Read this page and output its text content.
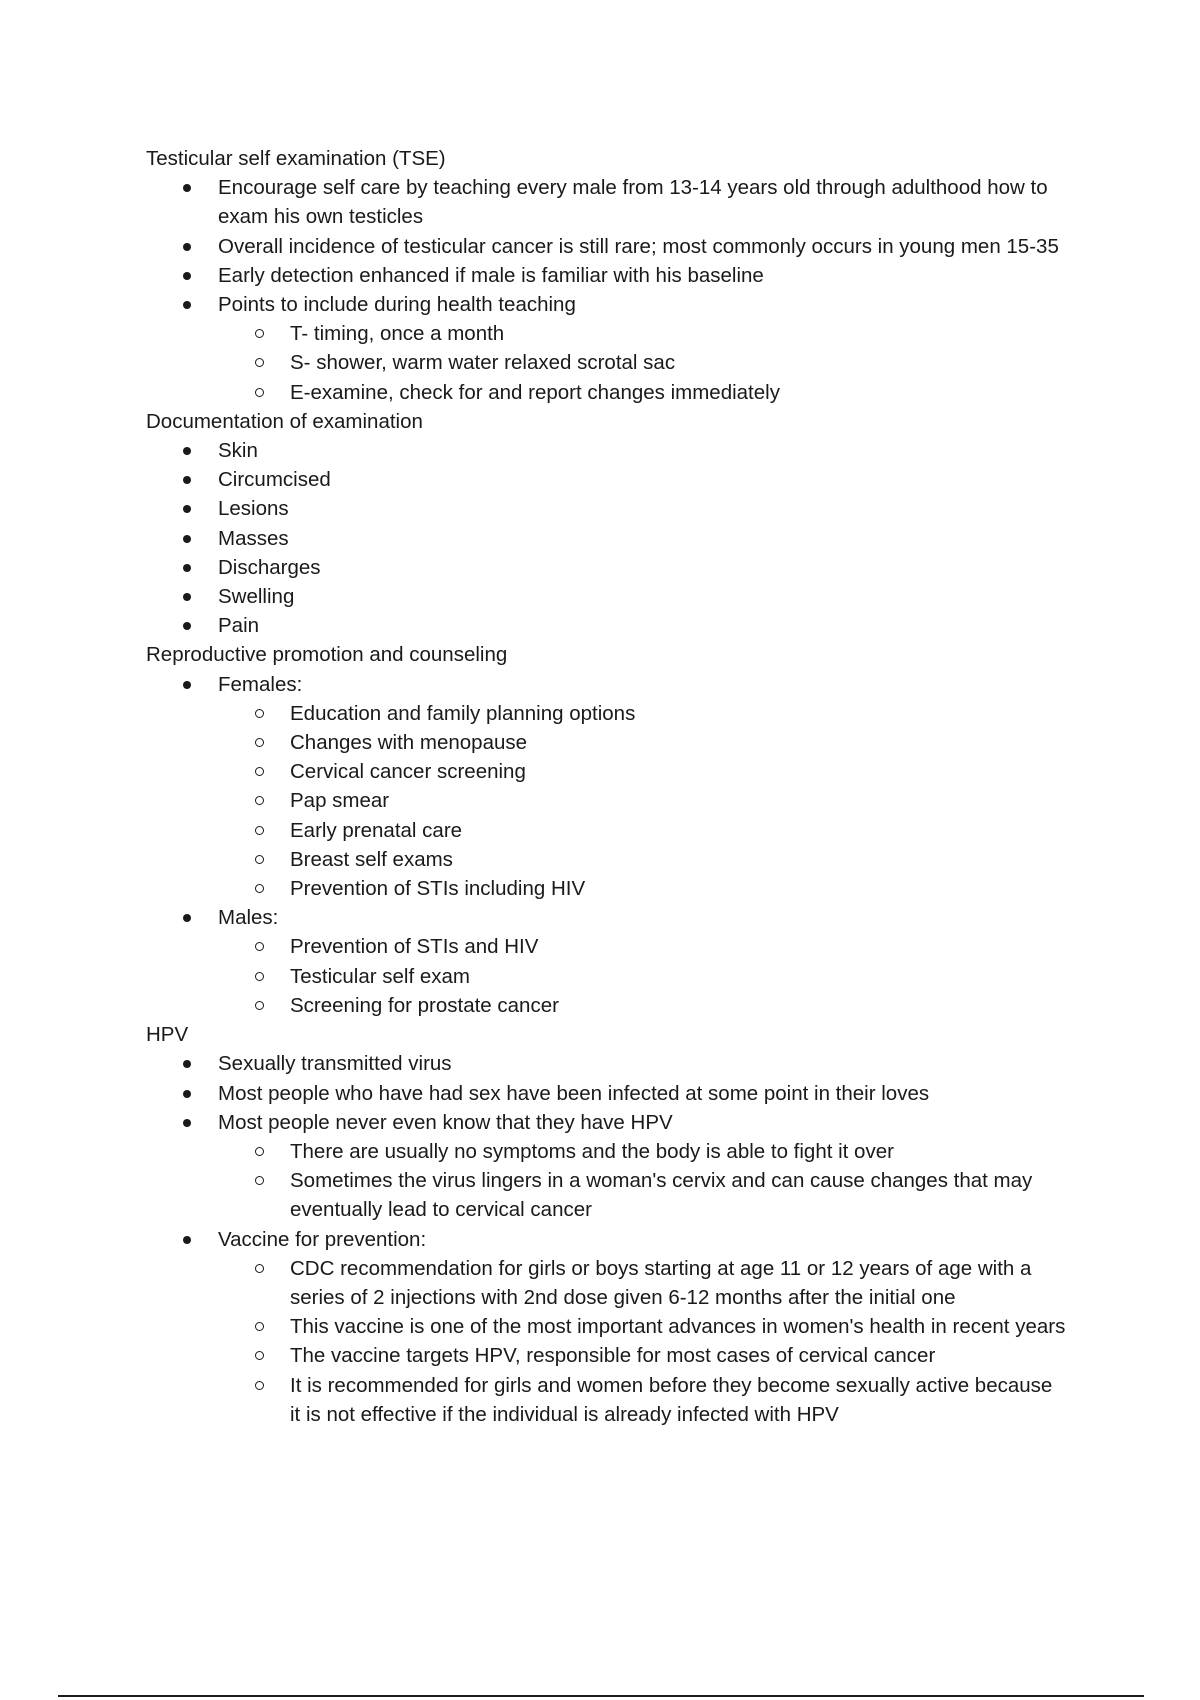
Testicular self examination (TSE)

Encourage self care by teaching every male from 13-14 years old through adulthood how to exam his own testicles
Overall incidence of testicular cancer is still rare; most commonly occurs in young men 15-35
Early detection enhanced if male is familiar with his baseline
Points to include during health teaching
T- timing, once a month
S- shower, warm water relaxed scrotal sac
E-examine, check for and report changes immediately

Documentation of examination

Skin
Circumcised
Lesions
Masses
Discharges
Swelling
Pain

Reproductive promotion and counseling

Females:
Education and family planning options
Changes with menopause
Cervical cancer screening
Pap smear
Early prenatal care
Breast self exams
Prevention of STIs including HIV
Males:
Prevention of STIs and HIV
Testicular self exam
Screening for prostate cancer

HPV

Sexually transmitted virus
Most people who have had sex have been infected at some point in their loves
Most people never even know that they have HPV
There are usually no symptoms and the body is able to fight it over
Sometimes the virus lingers in a woman's cervix and can cause changes that may eventually lead to cervical cancer
Vaccine for prevention:
CDC recommendation for girls or boys starting at age 11 or 12 years of age with a series of 2 injections with 2nd dose given 6-12 months after the initial one
This vaccine is one of the most important advances in women's health in recent years
The vaccine targets HPV, responsible for most cases of cervical cancer
It is recommended for girls and women before they become sexually active because it is not effective if the individual is already infected with HPV
